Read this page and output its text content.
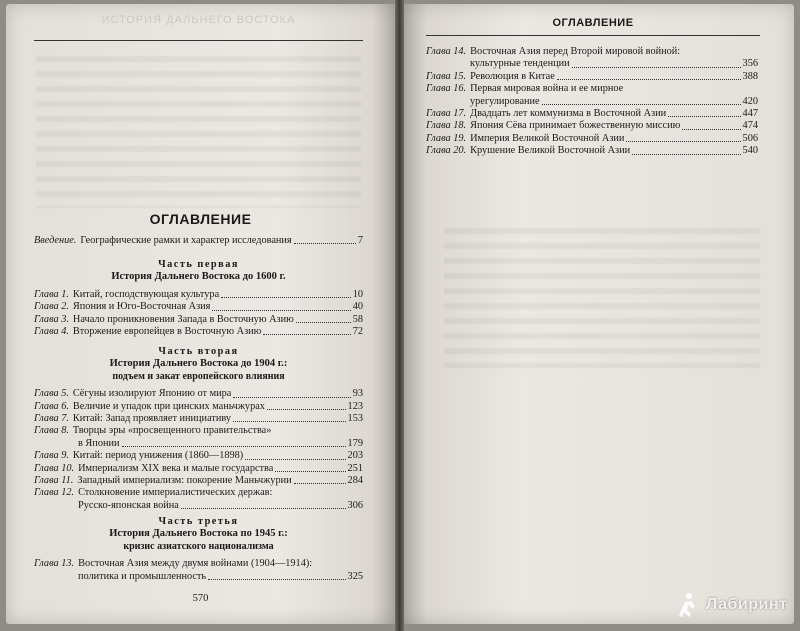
ИСТОРИЯ ДАЛЬНЕГО ВОСТОКА
ОГЛАВЛЕНИЕ
Введение. Географические рамки и характер исследования	7
Часть первая
История Дальнего Востока до 1600 г.
Глава 1. Китай, господствующая культура	10
Глава 2. Япония и Юго-Восточная Азия	40
Глава 3. Начало проникновения Запада в Восточную Азию	58
Глава 4. Вторжение европейцев в Восточную Азию	72
Часть вторая
История Дальнего Востока до 1904 г.:
подъем и закат европейского влияния
Глава 5. Сёгуны изолируют Японию от мира	93
Глава 6. Величие и упадок при цинских маньчжурах	123
Глава 7. Китай: Запад проявляет инициативу	153
Глава 8. Творцы эры «просвещенного правительства»
в Японии	179
Глава 9. Китай: период унижения (1860—1898)	203
Глава 10. Империализм XIX века и малые государства	251
Глава 11. Западный империализм: покорение Маньчжурии	284
Глава 12. Столкновение империалистических держав:
Русско-японская война	306
Часть третья
История Дальнего Востока по 1945 г.:
кризис азиатского национализма
Глава 13. Восточная Азия между двумя войнами (1904—1914):
политика и промышленность	325
570
ОГЛАВЛЕНИЕ
Глава 14. Восточная Азия перед Второй мировой войной:
культурные тенденции	356
Глава 15. Революция в Китае	388
Глава 16. Первая мировая война и ее мирное
урегулирование	420
Глава 17. Двадцать лет коммунизма в Восточной Азии	447
Глава 18. Япония Сёва принимает божественную миссию	474
Глава 19. Империя Великой Восточной Азии	506
Глава 20. Крушение Великой Восточной Азии	540
Лабиринт
